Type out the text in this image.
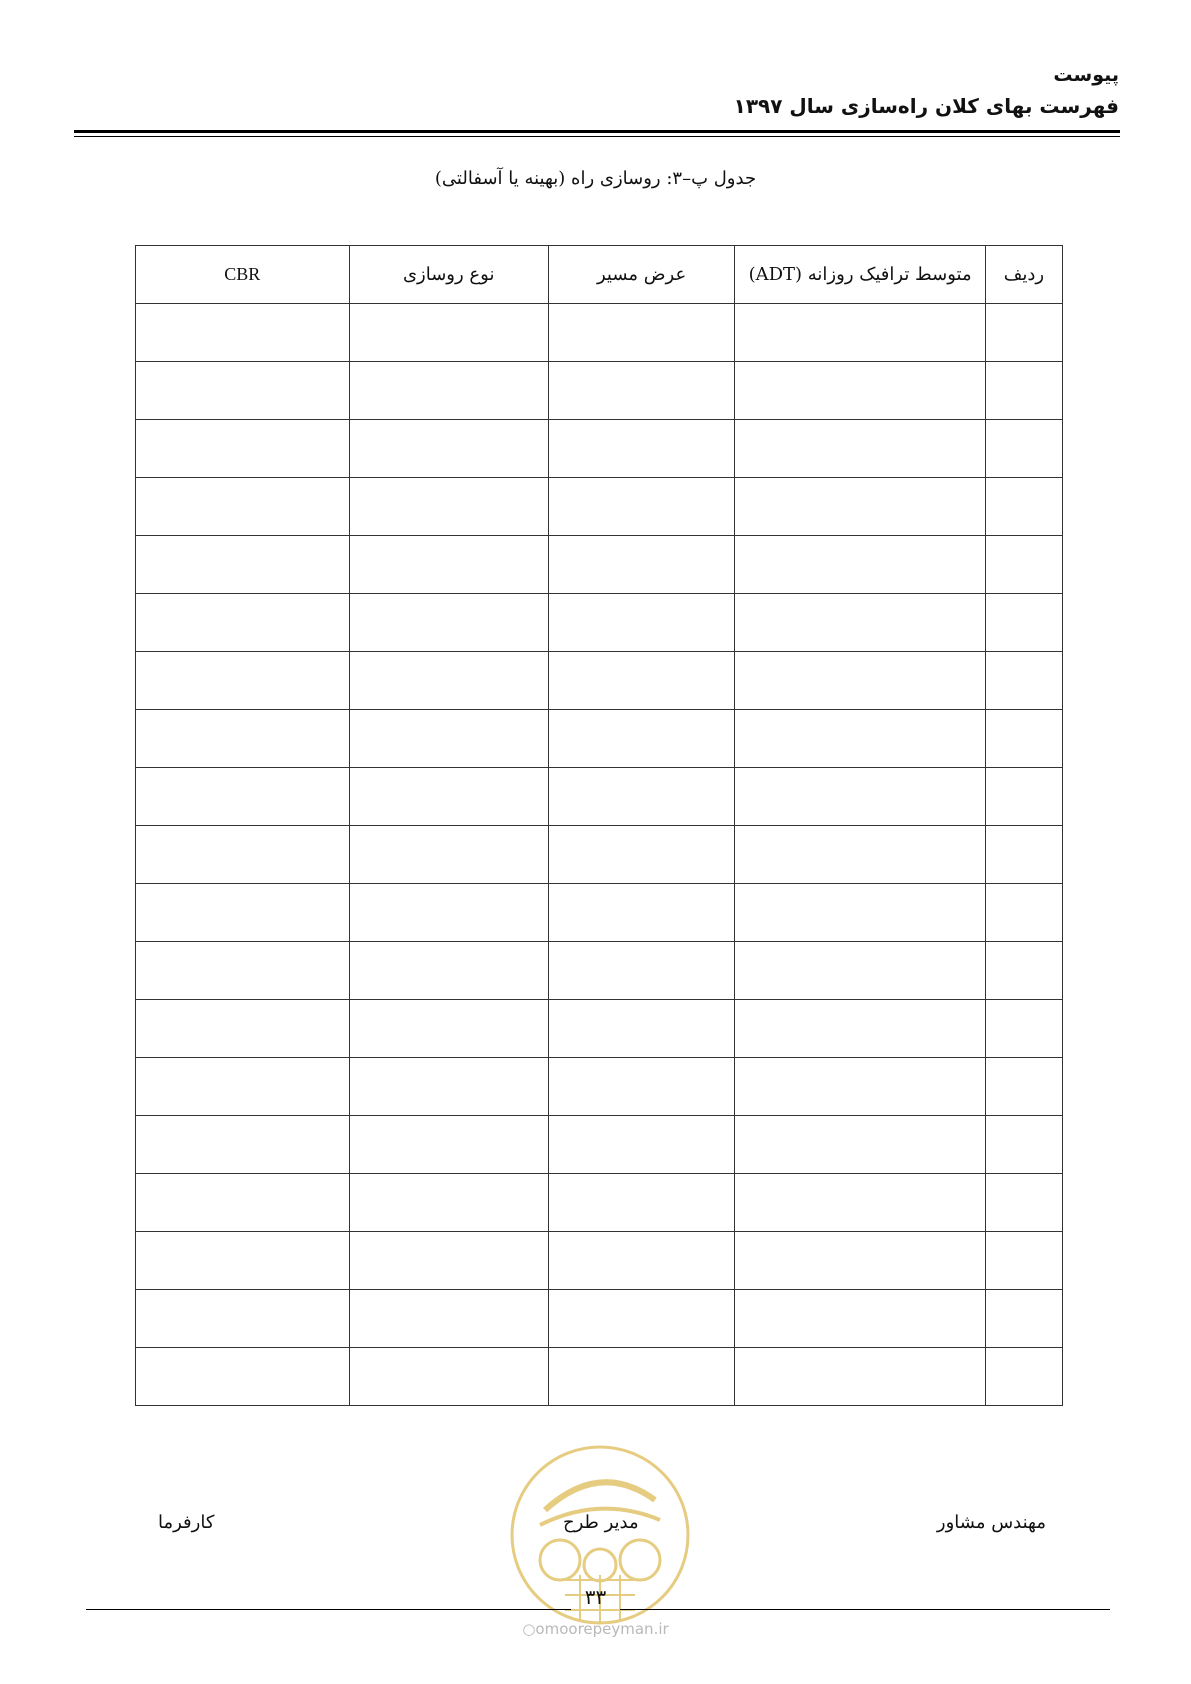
پیوست
فهرست بهای کلان راه‌سازی سال ۱۳۹۷
جدول پ–۳: روسازی راه (بهینه یا آسفالتی)
ردیف	متوسط ترافیک روزانه (ADT)	عرض مسیر	نوع روسازی	CBR

مهندس مشاور
مدیر طرح
کارفرما
۳۳
○omoorepeyman.ir
